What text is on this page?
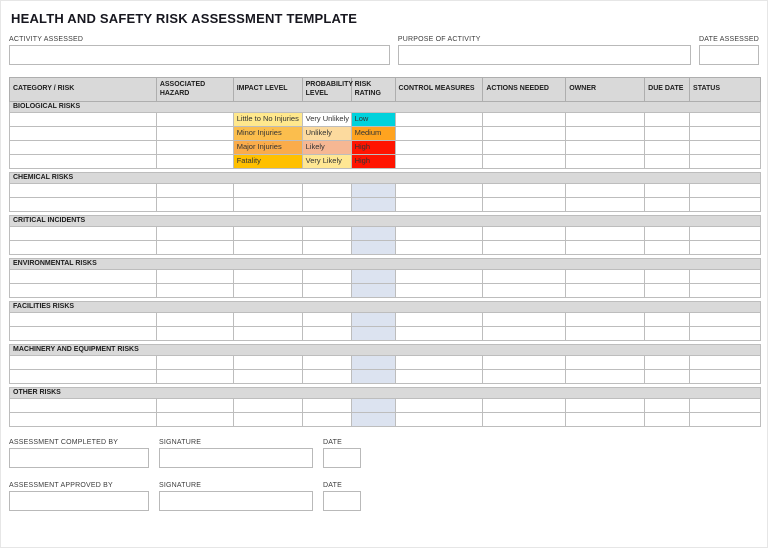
HEALTH AND SAFETY RISK ASSESSMENT TEMPLATE
ACTIVITY ASSESSED	PURPOSE OF ACTIVITY	DATE ASSESSED
CATEGORY / RISK	ASSOCIATED HAZARD	IMPACT LEVEL	PROBABILITY LEVEL	RISK RATING	CONTROL MEASURES	ACTIONS NEEDED	OWNER	DUE DATE	STATUS
BIOLOGICAL RISKS									
		Little to No Injuries	Very Unlikely	Low					
		Minor Injuries	Unlikely	Medium					
		Major Injuries	Likely	High					
		Fatality	Very Likely	High					

CHEMICAL RISKS									

CRITICAL INCIDENTS									

ENVIRONMENTAL RISKS									

FACILITIES RISKS									

MACHINERY AND EQUIPMENT RISKS									

OTHER RISKS									

ASSESSMENT COMPLETED BY	SIGNATURE	DATE
ASSESSMENT APPROVED BY	SIGNATURE	DATE
